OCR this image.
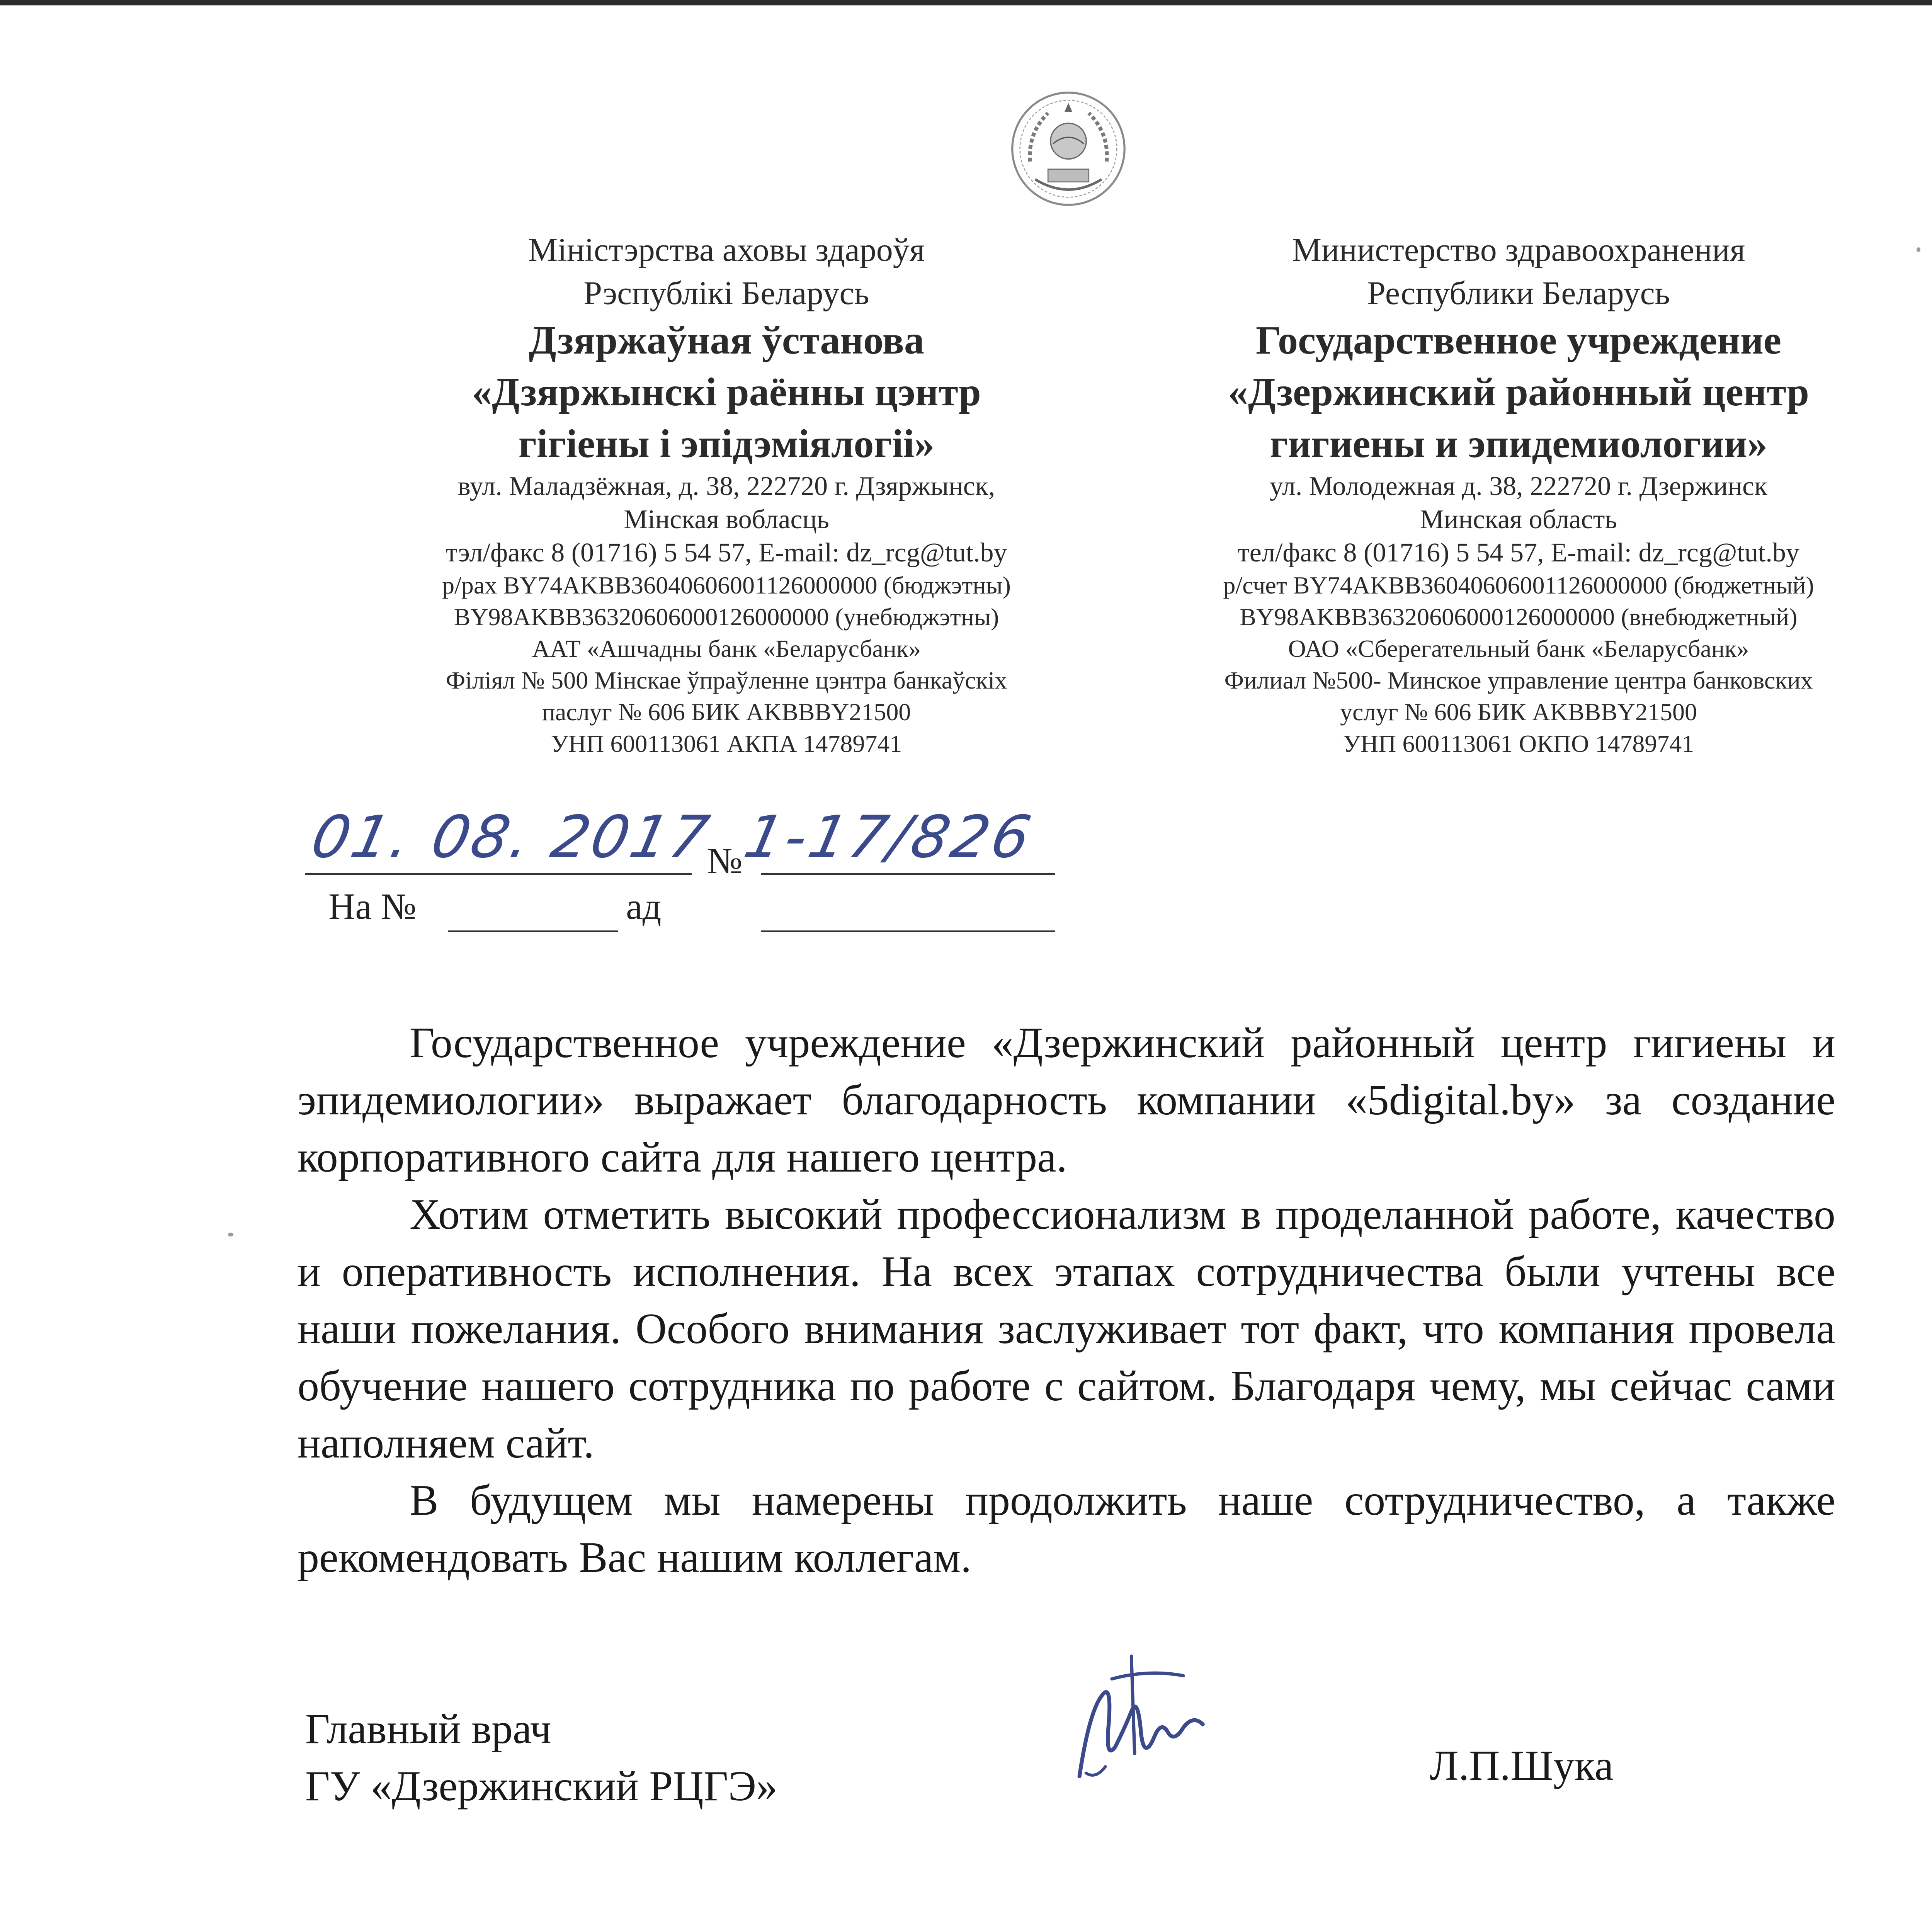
Міністэрства аховы здароўя
Рэспублікі Беларусь
Дзяржаўная ўстанова
«Дзяржынскі раённы цэнтр
гігіены і эпідэміялогіі»
вул. Маладзёжная, д. 38, 222720 г. Дзяржынск,
Мінская вобласць
тэл/факс 8 (01716) 5 54 57, E-mail: dz_rcg@tut.by
р/рах BY74AKBB36040606001126000000 (бюджэтны)
BY98AKBB36320606000126000000 (унебюджэтны)
ААТ «Ашчадны банк «Беларусбанк»
Філіял № 500 Мінскае ўпраўленне цэнтра банкаўскіх
паслуг № 606 БИК AKBBBY21500
УНП 600113061 АКПА 14789741
Министерство здравоохранения
Республики Беларусь
Государственное учреждение
«Дзержинский районный центр
гигиены и эпидемиологии»
ул. Молодежная д. 38, 222720 г. Дзержинск
Минская область
тел/факс 8 (01716) 5 54 57, E-mail: dz_rcg@tut.by
р/счет BY74AKBB36040606001126000000 (бюджетный)
BY98AKBB36320606000126000000 (внебюджетный)
ОАО «Сберегательный банк «Беларусбанк»
Филиал №500- Минское управление центра банковских
услуг № 606 БИК AKBBBY21500
УНП 600113061 ОКПО 14789741
01. 08. 2017
№
1-17/826
На №	ад

Государственное учреждение «Дзержинский районный центр гигиены и эпидемиологии» выражает благодарность компании «5digital.by» за создание корпоративного сайта для нашего центра.

Хотим отметить высокий профессионализм в проделанной работе, качество и оперативность исполнения. На всех этапах сотрудничества были учтены все наши пожелания. Особого внимания заслуживает тот факт, что компания провела обучение нашего сотрудника по работе с сайтом. Благодаря чему, мы сейчас сами наполняем сайт.

В будущем мы намерены продолжить наше сотрудничество, а также рекомендовать Вас нашим коллегам.

Главный врач
ГУ «Дзержинский РЦГЭ»	Л.П.Шука
